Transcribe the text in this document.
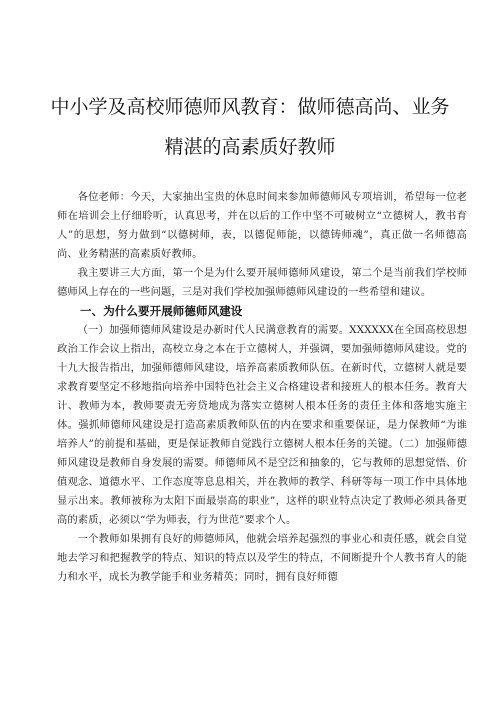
中小学及高校师德师风教育：做师德高尚、业务
精湛的高素质好教师

各位老师：今天，大家抽出宝贵的休息时间来参加师德师风专项培训，希望每一位老师在培训会上仔细聆听，认真思考，并在以后的工作中坚不可破树立“立德树人，教书育人”的思想，努力做到“以德树师，表，以德促师能，以德铸师魂”，真正做一名师德高尚、业务精湛的高素质好教师。

我主要讲三大方面，第一个是为什么要开展师德师风建设，第二个是当前我们学校师德师风上存在的一些问题，三是对我们学校加强师德师风建设的一些希望和建议。

一、为什么要开展师德师风建设

（一）加强师德师风建设是办新时代人民满意教育的需要。XXXXXX在全国高校思想政治工作会议上指出，高校立身之本在于立德树人，并强调，要加强师德师风建设。党的十九大报告指出，加强师德师风建设，培养高素质教师队伍。在新时代，立德树人就是要求教育要坚定不移地指向培养中国特色社会主义合格建设者和接班人的根本任务。教育大计、教师为本，教师要责无旁贷地成为落实立德树人根本任务的责任主体和落地实施主体。强抓师德师风建设是打造高素质教师队伍的内在要求和重要保证，是力保教师“为谁培养人”的前提和基础，更是保证教师自觉践行立德树人根本任务的关键。（二）加强师德师风建设是教师自身发展的需要。师德师风不是空泛和抽象的，它与教师的思想觉悟、价值观念、道德水平、工作态度等息息相关，并在教师的教学、科研等每一项工作中具体地显示出来。教师被称为太阳下面最崇高的职业”，这样的职业特点决定了教师必须具备更高的素质，必须以“学为师表，行为世范”要求个人。

一个教师如果拥有良好的师德师风，他就会培养起强烈的事业心和责任感，就会自觉地去学习和把握教学的特点、知识的特点以及学生的特点，不间断提升个人教书育人的能力和水平，成长为教学能手和业务精英；同时，拥有良好师德
